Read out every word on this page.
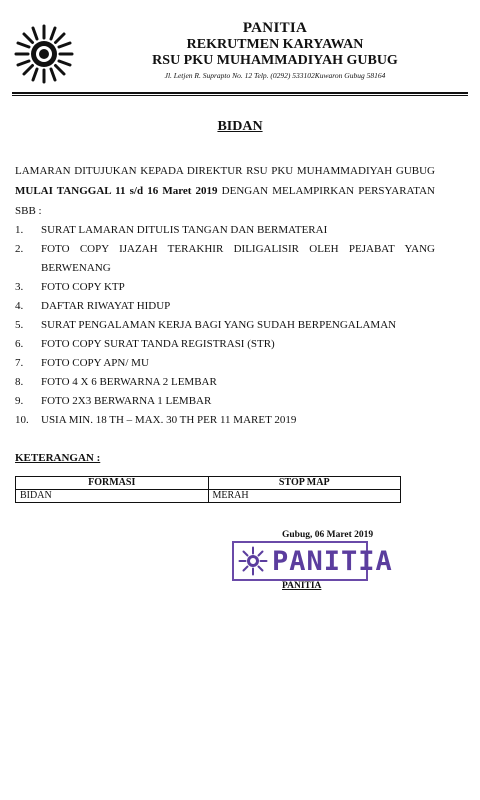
PANITIA
REKRUTMEN KARYAWAN
RSU PKU MUHAMMADIYAH GUBUG
Jl. Letjen R. Suprapto No. 12 Telp. (0292) 533102Kuwaron Gubug 58164
BIDAN
LAMARAN DITUJUKAN KEPADA DIREKTUR RSU PKU MUHAMMADIYAH GUBUG
MULAI TANGGAL 11 s/d 16 Maret 2019 DENGAN MELAMPIRKAN PERSYARATAN
SBB :
1. SURAT LAMARAN DITULIS TANGAN DAN BERMATERAI
2. FOTO COPY IJAZAH TERAKHIR DILIGALISIR OLEH PEJABAT YANG
BERWENANG
3. FOTO COPY KTP
4. DAFTAR RIWAYAT HIDUP
5. SURAT PENGALAMAN KERJA BAGI YANG SUDAH BERPENGALAMAN
6. FOTO COPY SURAT TANDA REGISTRASI (STR)
7. FOTO COPY APN/ MU
8. FOTO 4 X 6 BERWARNA 2 LEMBAR
9. FOTO 2X3 BERWARNA 1 LEMBAR
10. USIA MIN. 18 TH – MAX. 30 TH PER 11 MARET 2019
KETERANGAN :
FORMASI	STOP MAP
BIDAN	MERAH
Gubug, 06 Maret 2019
PANITIA
PANITIA
